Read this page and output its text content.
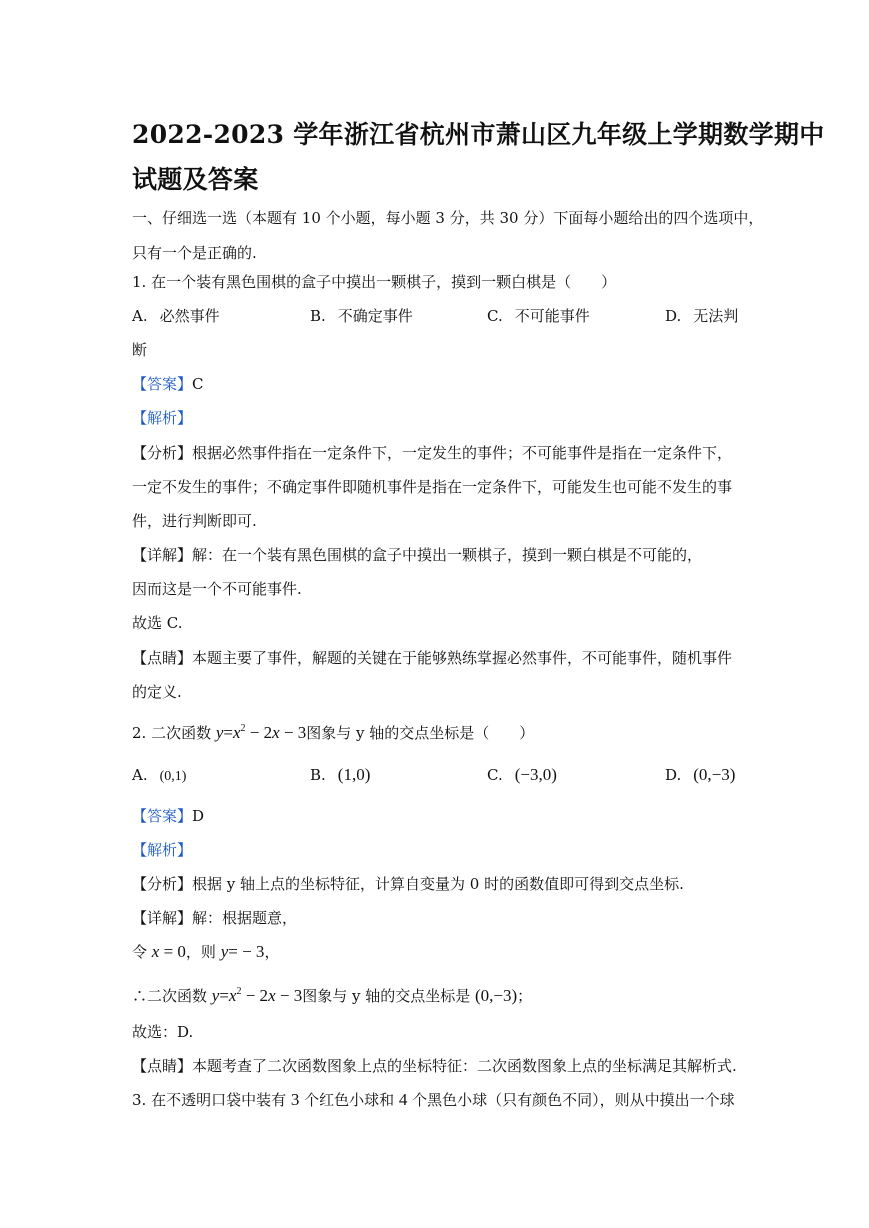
2022-2023 学年浙江省杭州市萧山区九年级上学期数学期中
试题及答案
一、仔细选一选（本题有 10 个小题，每小题 3 分，共 30 分）下面每小题给出的四个选项中，
只有一个是正确的.
1. 在一个装有黑色围棋的盒子中摸出一颗棋子，摸到一颗白棋是（　　）
A. 必然事件	B. 不确定事件	C. 不可能事件	D. 无法判
断
【答案】C
【解析】
【分析】根据必然事件指在一定条件下，一定发生的事件；不可能事件是指在一定条件下，
一定不发生的事件；不确定事件即随机事件是指在一定条件下，可能发生也可能不发生的事
件，进行判断即可.
【详解】解：在一个装有黑色围棋的盒子中摸出一颗棋子，摸到一颗白棋是不可能的，
因而这是一个不可能事件.
故选 C.
【点睛】本题主要了事件，解题的关键在于能够熟练掌握必然事件，不可能事件，随机事件
的定义.
2. 二次函数 $y=x^2 - 2x - 3$图象与 y 轴的交点坐标是（　　）
A. (0,1)	B. (1,0)	C. (−3,0)	D. (0,−3)
【答案】D
【解析】
【分析】根据 y 轴上点的坐标特征，计算自变量为 0 时的函数值即可得到交点坐标.
【详解】解：根据题意，
令 x = 0，则 y= − 3，
∴二次函数 $y=x^2 - 2x - 3$图象与 y 轴的交点坐标是 (0,−3)；
故选：D.
【点睛】本题考查了二次函数图象上点的坐标特征：二次函数图象上点的坐标满足其解析式.
3. 在不透明口袋中装有 3 个红色小球和 4 个黑色小球（只有颜色不同），则从中摸出一个球
